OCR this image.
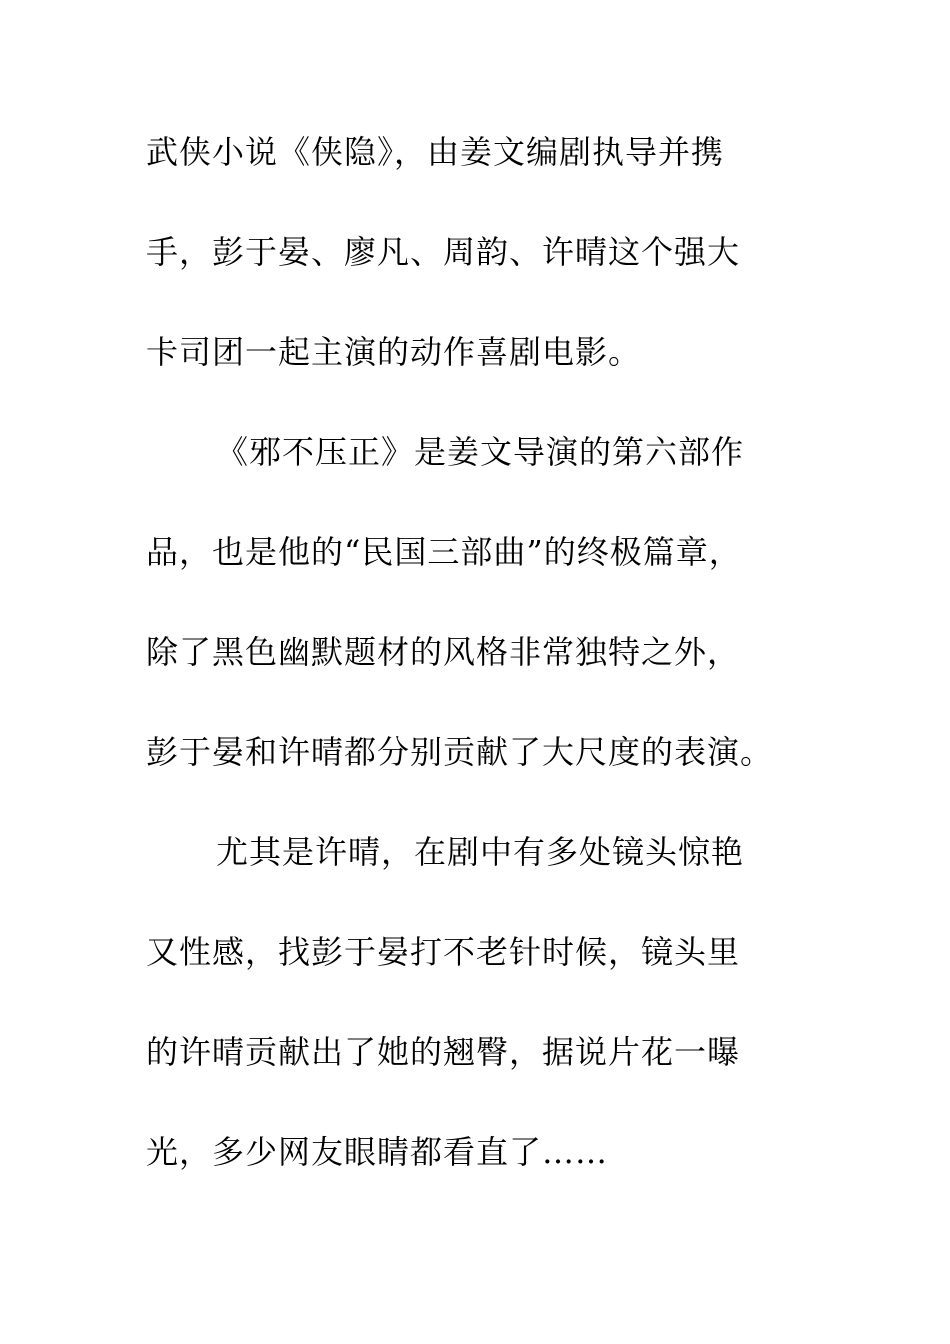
武侠小说《侠隐》，由姜文编剧执导并携

手，彭于晏、廖凡、周韵、许晴这个强大

卡司团一起主演的动作喜剧电影。

《邪不压正》是姜文导演的第六部作

品，也是他的“民国三部曲”的终极篇章，

除了黑色幽默题材的风格非常独特之外，

彭于晏和许晴都分别贡献了大尺度的表演。

尤其是许晴，在剧中有多处镜头惊艳

又性感，找彭于晏打不老针时候，镜头里

的许晴贡献出了她的翘臀，据说片花一曝

光，多少网友眼睛都看直了……
